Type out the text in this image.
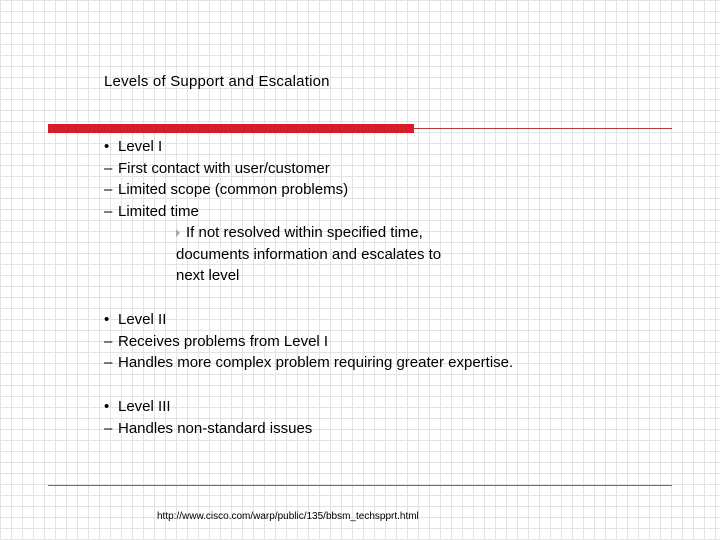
Levels of Support and Escalation
• Level I
– First contact with user/customer
– Limited scope (common problems)
– Limited time
If not resolved within specified time,
documents information and escalates to
next level
• Level II
– Receives problems from Level I
– Handles more complex problem requiring greater expertise.
• Level III
– Handles non-standard issues
http://www.cisco.com/warp/public/135/bbsm_techspprt.html
